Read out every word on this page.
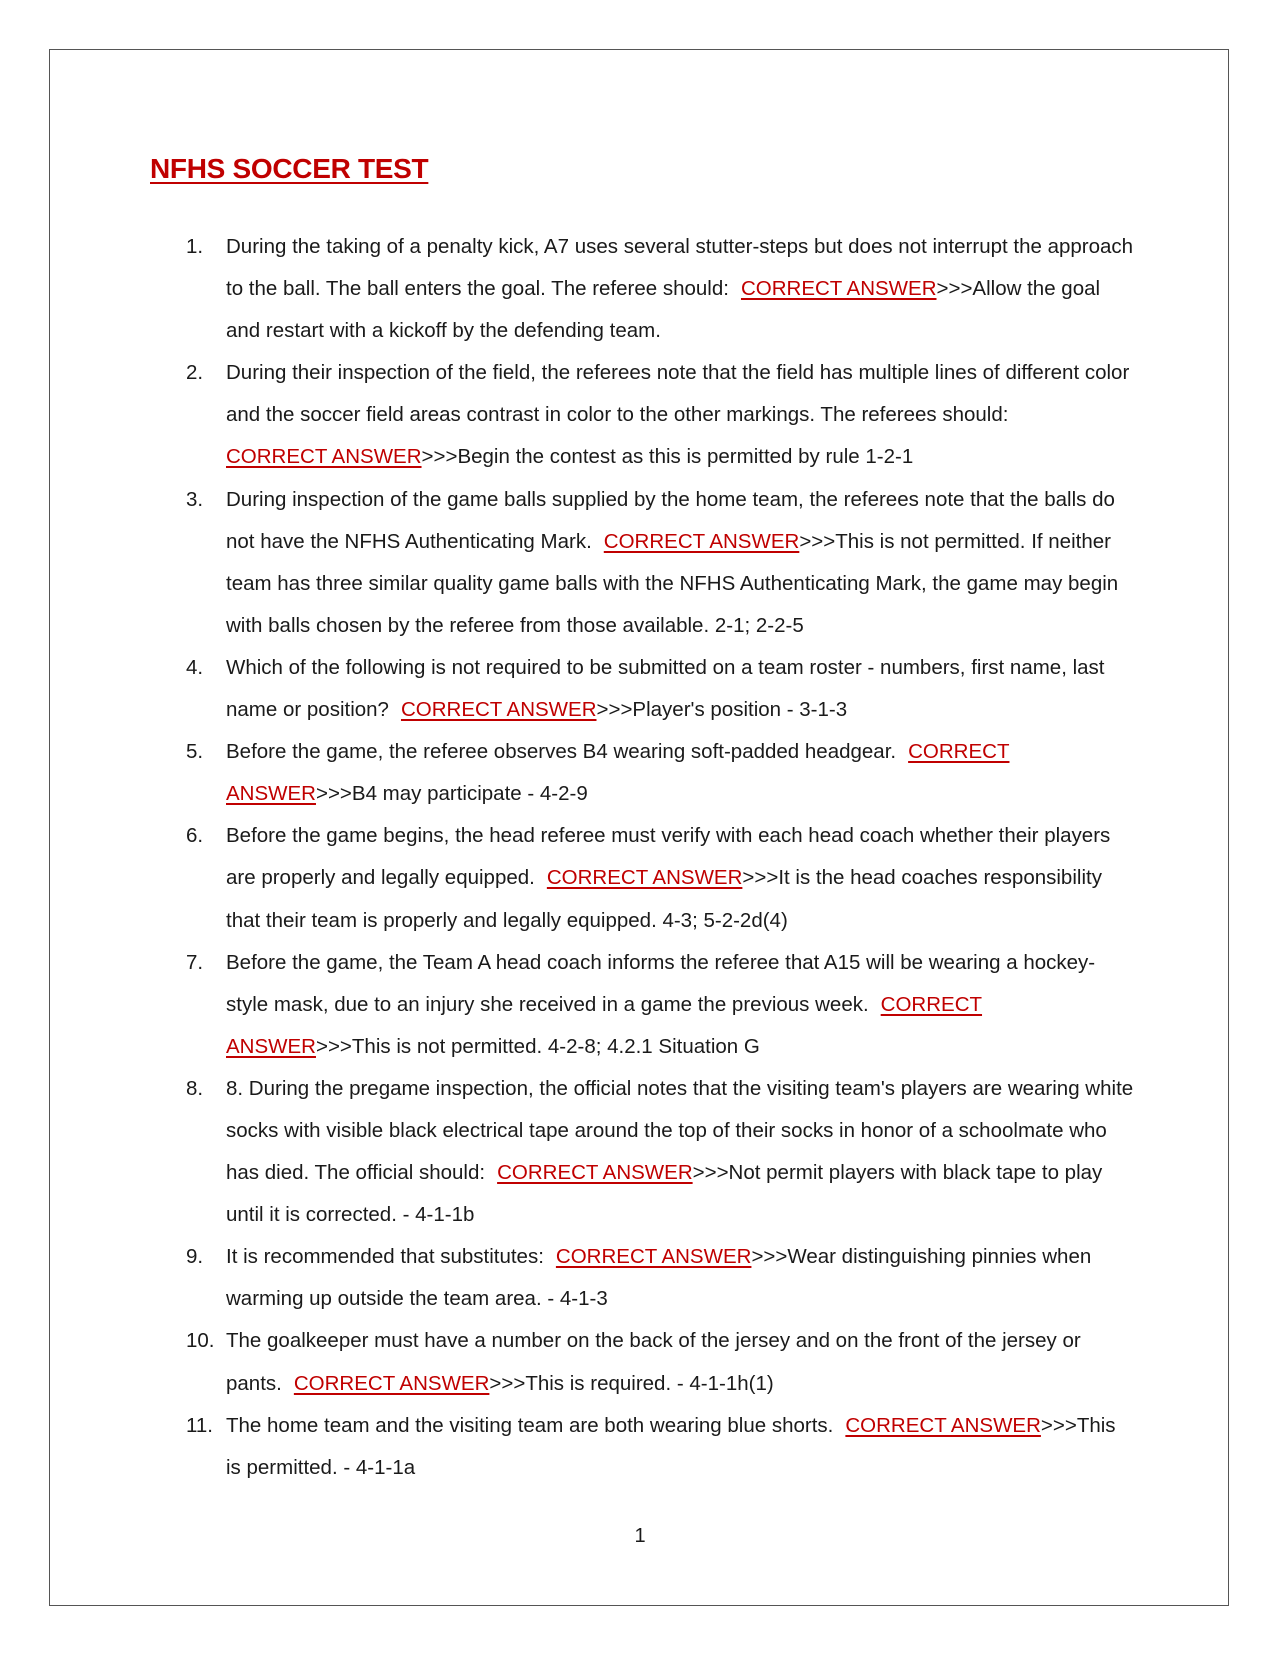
NFHS SOCCER TEST
1.	During the taking of a penalty kick, A7 uses several stutter-steps but does not interrupt the approach to the ball. The ball enters the goal. The referee should: CORRECT ANSWER>>>Allow the goal and restart with a kickoff by the defending team.
2.	During their inspection of the field, the referees note that the field has multiple lines of different color and the soccer field areas contrast in color to the other markings. The referees should:
CORRECT ANSWER>>>Begin the contest as this is permitted by rule 1-2-1
3.	During inspection of the game balls supplied by the home team, the referees note that the balls do not have the NFHS Authenticating Mark. CORRECT ANSWER>>>This is not permitted. If neither team has three similar quality game balls with the NFHS Authenticating Mark, the game may begin with balls chosen by the referee from those available. 2-1; 2-2-5
4.	Which of the following is not required to be submitted on a team roster - numbers, first name, last name or position? CORRECT ANSWER>>>Player's position - 3-1-3
5.	Before the game, the referee observes B4 wearing soft-padded headgear. CORRECT
ANSWER>>>B4 may participate - 4-2-9
6.	Before the game begins, the head referee must verify with each head coach whether their players are properly and legally equipped. CORRECT ANSWER>>>It is the head coaches responsibility that their team is properly and legally equipped. 4-3; 5-2-2d(4)
7.	Before the game, the Team A head coach informs the referee that A15 will be wearing a hockey-style mask, due to an injury she received in a game the previous week. CORRECT
ANSWER>>>This is not permitted. 4-2-8; 4.2.1 Situation G
8.	8. During the pregame inspection, the official notes that the visiting team's players are wearing white socks with visible black electrical tape around the top of their socks in honor of a schoolmate who has died. The official should: CORRECT ANSWER>>>Not permit players with black tape to play until it is corrected. - 4-1-1b
9.	It is recommended that substitutes: CORRECT ANSWER>>>Wear distinguishing pinnies when warming up outside the team area. - 4-1-3
10. The goalkeeper must have a number on the back of the jersey and on the front of the jersey or pants. CORRECT ANSWER>>>This is required. - 4-1-1h(1)
11. The home team and the visiting team are both wearing blue shorts. CORRECT ANSWER>>>This is permitted. - 4-1-1a
1
